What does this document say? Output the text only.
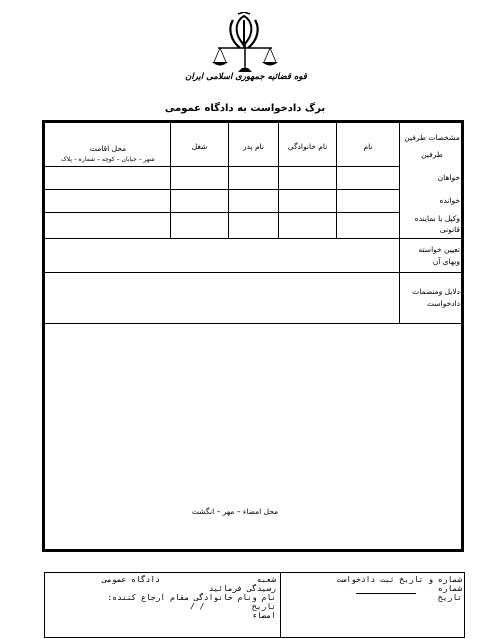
قوه قضائیه جمهوری اسلامی ایران
برگ دادخواست به دادگاه عمومی
مشخصات طرفین
طرفین
نام
نام خانوادگی
نام پدر
شغل
محل اقامت
شهر – خیابان – کوچه – شماره – پلاک
خواهان
خوانده
وکیل یا نماینده
قانونی
تعیین خواسته
وبهای آن
دلایل ومنضمات
دادخواست
محل امضاء – مهر – انگشت
شماره و تاریخ ثبت دادخواست
شماره
تاریخ
شعبه
دادگاه عمومی
رسیدگی فرمائید
نام ونام خانوادگی مقام ارجاع کننده:
تاریخ
/ /
امضاء
